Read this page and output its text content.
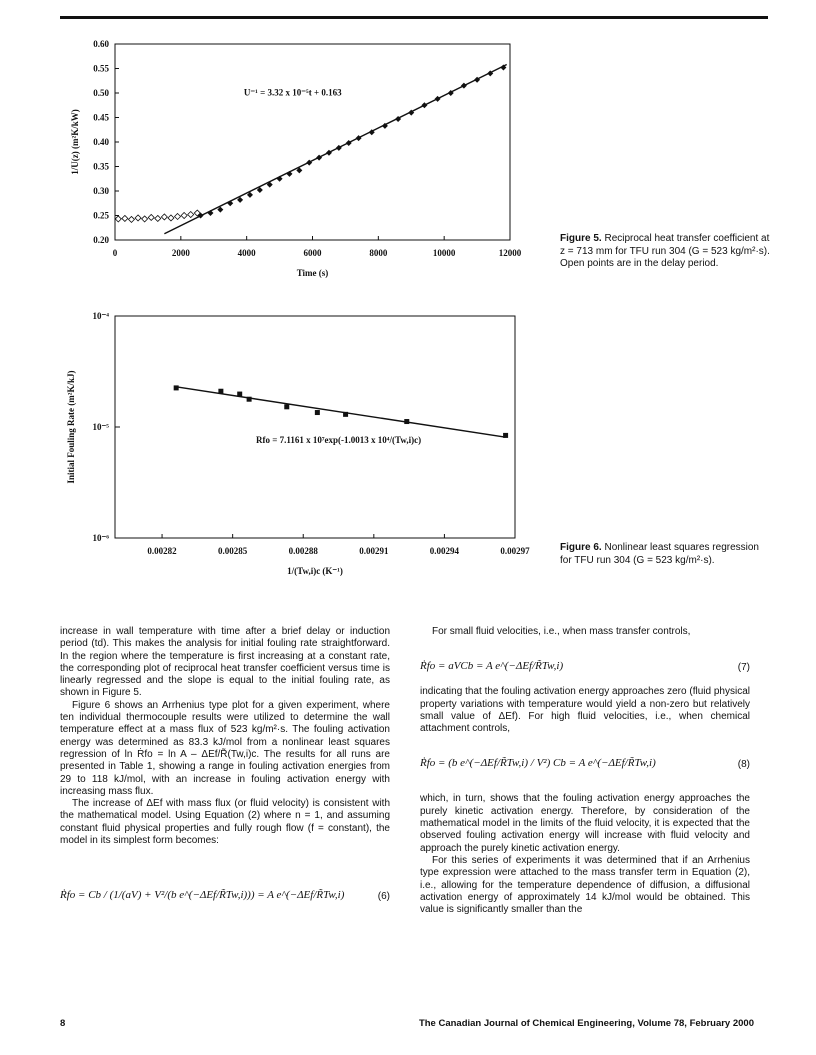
0.20
0.25
0.30
0.35
0.40
0.45
0.50
0.55
0.60
0	2000	4000	6000	8000	10000	12000
Time (s)
1/U(z) (m²K/kW)
U⁻¹ = 3.32 x 10⁻⁵t + 0.163
Figure 5. Reciprocal heat transfer coefficient at z = 713 mm for TFU run 304 (G = 523 kg/m²·s). Open points are in the delay period.
10⁻⁴
10⁻⁵
10⁻⁶
0.00282	0.00285	0.00288	0.00291	0.00294	0.00297
1/(Tw,i)c (K⁻¹)
Initial Fouling Rate (m²K/kJ)	Rfo = 7.1161 x 10⁷exp(-1.0013 x 10⁴/(Tw,i)c)
Figure 6. Nonlinear least squares regression for TFU run 304 (G = 523 kg/m²·s).

increase in wall temperature with time after a brief delay or induction period (td). This makes the analysis for initial fouling rate straightforward. In the region where the temperature is first increasing at a constant rate, the corresponding plot of reciprocal heat transfer coefficient versus time is linearly regressed and the slope is equal to the initial fouling rate, as shown in Figure 5.

Figure 6 shows an Arrhenius type plot for a given experiment, where ten individual thermocouple results were utilized to determine the wall temperature effect at a mass flux of 523 kg/m²·s. The fouling activation energy was determined as 83.3 kJ/mol from a nonlinear least squares regression of ln Ṙfo = ln A – ΔEf/R̃(Tw,i)c. The results for all runs are presented in Table 1, showing a range in fouling activation energies from 29 to 118 kJ/mol, with an increase in fouling activation energy with increasing mass flux.

The increase of ΔEf with mass flux (or fluid velocity) is consistent with the mathematical model. Using Equation (2) where n = 1, and assuming constant fluid physical properties and fully rough flow (f = constant), the model in its simplest form becomes:

Ṙfo = Cb / (1/(aV) + V²/(b e^(−ΔEf/R̃Tw,i))) = A e^(−ΔEf/R̃Tw,i)	(6)

For small fluid velocities, i.e., when mass transfer controls,

Ṙfo = aVCb = A e^(−ΔEf/R̃Tw,i)	(7)

indicating that the fouling activation energy approaches zero (fluid physical property variations with temperature would yield a non-zero but relatively small value of ΔEf). For high fluid velocities, i.e., when chemical attachment controls,

Ṙfo = (b e^(−ΔEf/R̃Tw,i) / V²) Cb = A e^(−ΔEf/R̃Tw,i)	(8)

which, in turn, shows that the fouling activation energy approaches the purely kinetic activation energy. Therefore, by consideration of the mathematical model in the limits of the fluid velocity, it is expected that the observed fouling activation energy will increase with fluid velocity and approach the purely kinetic activation energy.

For this series of experiments it was determined that if an Arrhenius type expression were attached to the mass transfer term in Equation (2), i.e., allowing for the temperature dependence of diffusion, a diffusional activation energy of approximately 14 kJ/mol would be obtained. This value is significantly smaller than the

8	The Canadian Journal of Chemical Engineering, Volume 78, February 2000
